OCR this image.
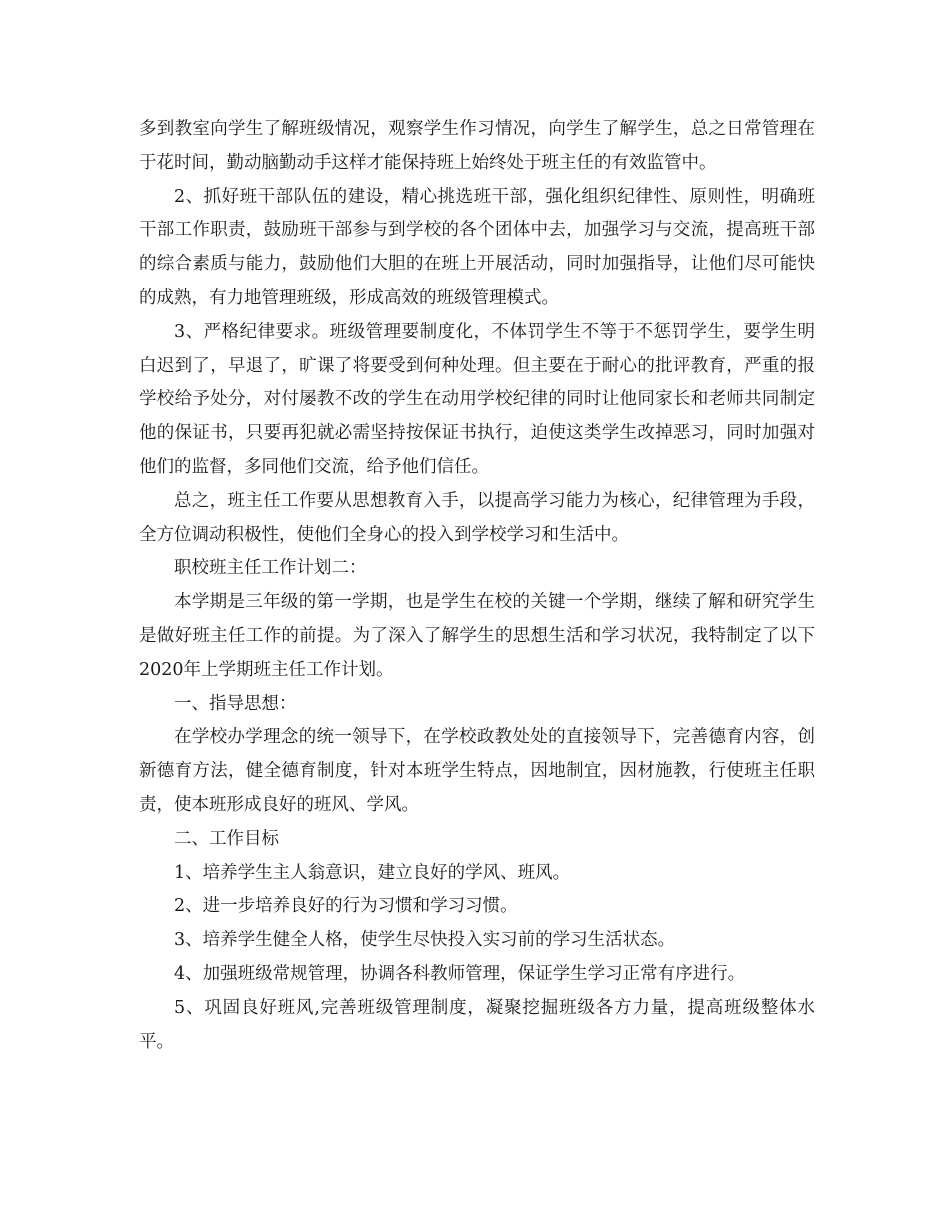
多到教室向学生了解班级情况，观察学生作习情况，向学生了解学生，总之日常管理在于花时间，勤动脑勤动手这样才能保持班上始终处于班主任的有效监管中。

2、抓好班干部队伍的建设，精心挑选班干部，强化组织纪律性、原则性，明确班干部工作职责，鼓励班干部参与到学校的各个团体中去，加强学习与交流，提高班干部的综合素质与能力，鼓励他们大胆的在班上开展活动，同时加强指导，让他们尽可能快的成熟，有力地管理班级，形成高效的班级管理模式。

3、严格纪律要求。班级管理要制度化，不体罚学生不等于不惩罚学生，要学生明白迟到了，早退了，旷课了将要受到何种处理。但主要在于耐心的批评教育，严重的报学校给予处分，对付屡教不改的学生在动用学校纪律的同时让他同家长和老师共同制定他的保证书，只要再犯就必需坚持按保证书执行，迫使这类学生改掉恶习，同时加强对他们的监督，多同他们交流，给予他们信任。

总之，班主任工作要从思想教育入手，以提高学习能力为核心，纪律管理为手段，全方位调动积极性，使他们全身心的投入到学校学习和生活中。

职校班主任工作计划二：

本学期是三年级的第一学期，也是学生在校的关键一个学期，继续了解和研究学生是做好班主任工作的前提。为了深入了解学生的思想生活和学习状况，我特制定了以下2020年上学期班主任工作计划。

一、指导思想：

在学校办学理念的统一领导下，在学校政教处处的直接领导下，完善德育内容，创新德育方法，健全德育制度，针对本班学生特点，因地制宜，因材施教，行使班主任职责，使本班形成良好的班风、学风。

二、工作目标

1、培养学生主人翁意识，建立良好的学风、班风。

2、进一步培养良好的行为习惯和学习习惯。

3、培养学生健全人格，使学生尽快投入实习前的学习生活状态。

4、加强班级常规管理，协调各科教师管理，保证学生学习正常有序进行。

5、巩固良好班风,完善班级管理制度，凝聚挖掘班级各方力量，提高班级整体水平。
